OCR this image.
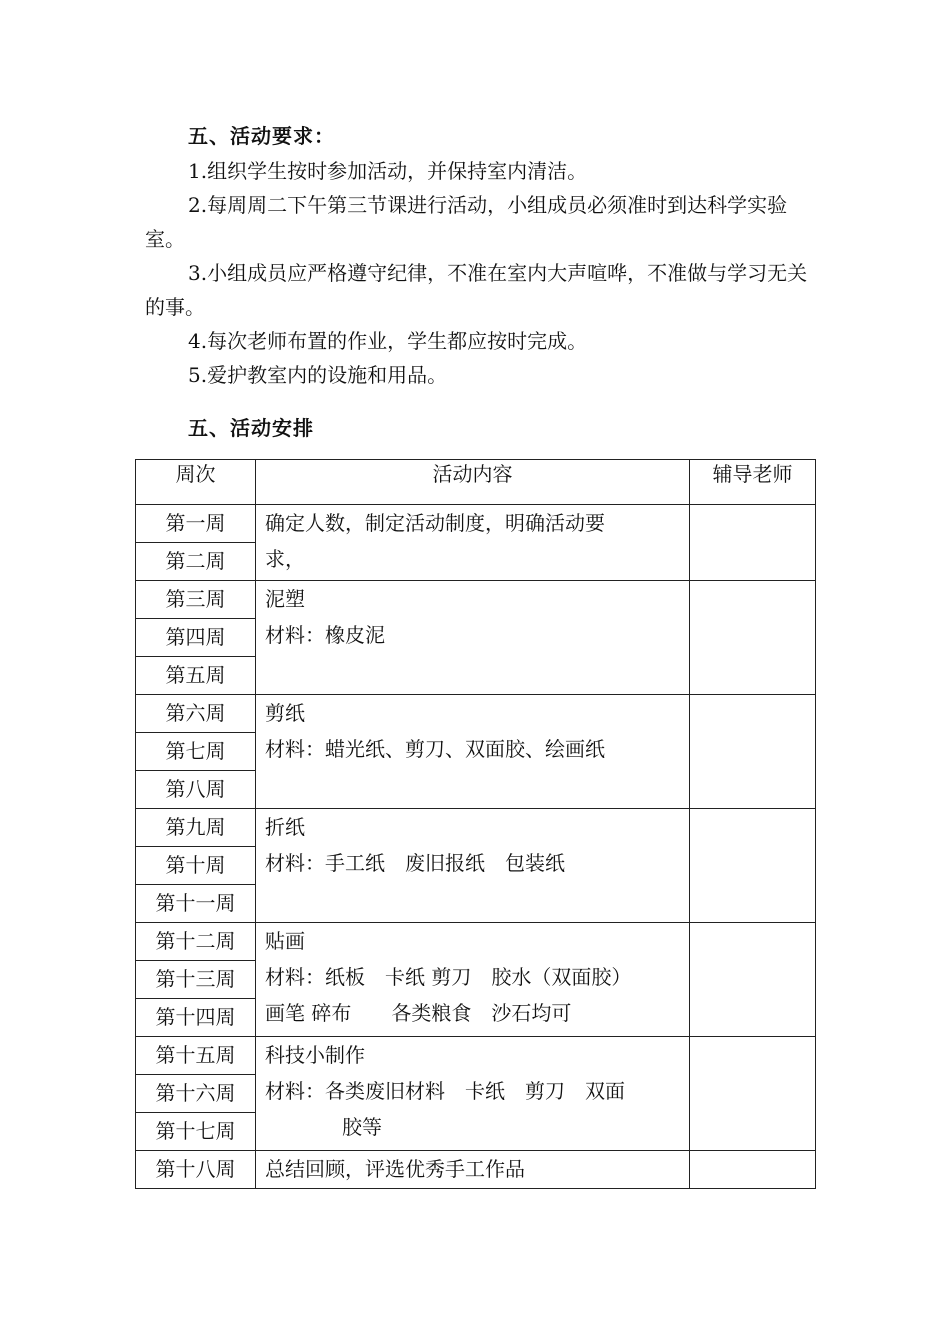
五、活动要求：

1.组织学生按时参加活动，并保持室内清洁。

2.每周周二下午第三节课进行活动，小组成员必须准时到达科学实验室。

3.小组成员应严格遵守纪律，不准在室内大声喧哗，不准做与学习无关的事。

4.每次老师布置的作业，学生都应按时完成。

5.爱护教室内的设施和用品。

五、活动安排
周次	活动内容	辅导老师
第一周	确定人数，制定活动制度，明确活动要
求，	

第二周		
第三周	泥塑
材料：橡皮泥	

第四周		
第五周		
第六周	剪纸
材料：蜡光纸、剪刀、双面胶、绘画纸	

第七周		
第八周		
第九周	折纸
材料：手工纸　废旧报纸　包装纸	

第十周		
第十一周		
第十二周	贴画
材料：纸板　卡纸 剪刀　胶水（双面胶）
画笔 碎布　　各类粮食　沙石均可	

第十三周		
第十四周		
第十五周	科技小制作
材料：各类废旧材料　卡纸　剪刀　双面
胶等	

第十六周		
第十七周		
第十八周	总结回顾，评选优秀手工作品	
